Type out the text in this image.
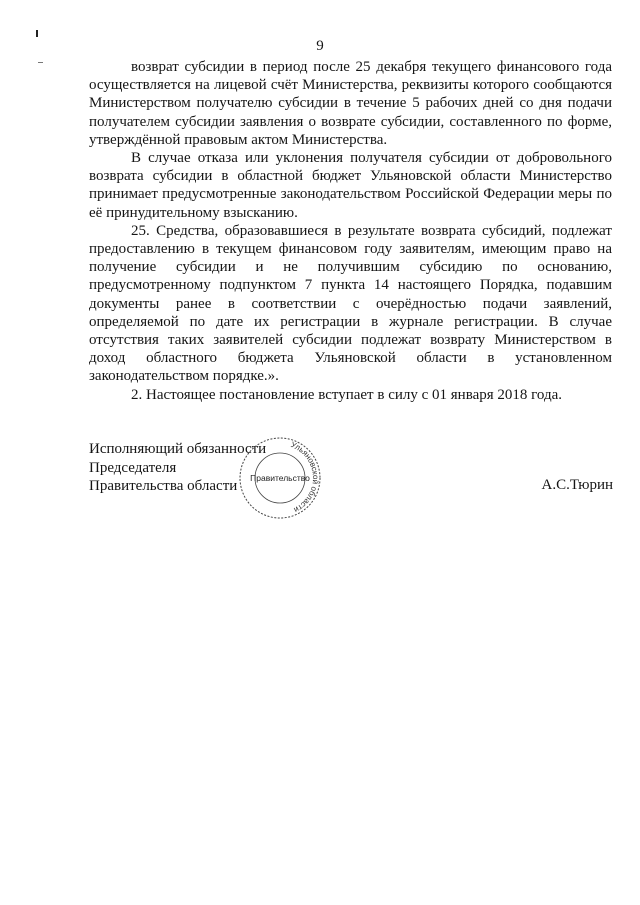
9

возврат субсидии в период после 25 декабря текущего финансового года осуществляется на лицевой счёт Министерства, реквизиты которого сообщаются Министерством получателю субсидии в течение 5 рабочих дней со дня подачи получателем субсидии заявления о возврате субсидии, составленного по форме, утверждённой правовым актом Министерства.

В случае отказа или уклонения получателя субсидии от добровольного возврата субсидии в областной бюджет Ульяновской области Министерство принимает предусмотренные законодательством Российской Федерации меры по её принудительному взысканию.

25. Средства, образовавшиеся в результате возврата субсидий, подлежат предоставлению в текущем финансовом году заявителям, имеющим право на получение субсидии и не получившим субсидию по основанию, предусмотренному подпунктом 7 пункта 14 настоящего Порядка, подавшим документы ранее в соответствии с очерёдностью подачи заявлений, определяемой по дате их регистрации в журнале регистрации. В случае отсутствия таких заявителей субсидии подлежат возврату Министерством в доход областного бюджета Ульяновской области в установленном законодательством порядке.».

2. Настоящее постановление вступает в силу с 01 января 2018 года.

Исполняющий обязанности
Председателя
Правительства области	А.С.Тюрин
Ульяновской области
Правительство
